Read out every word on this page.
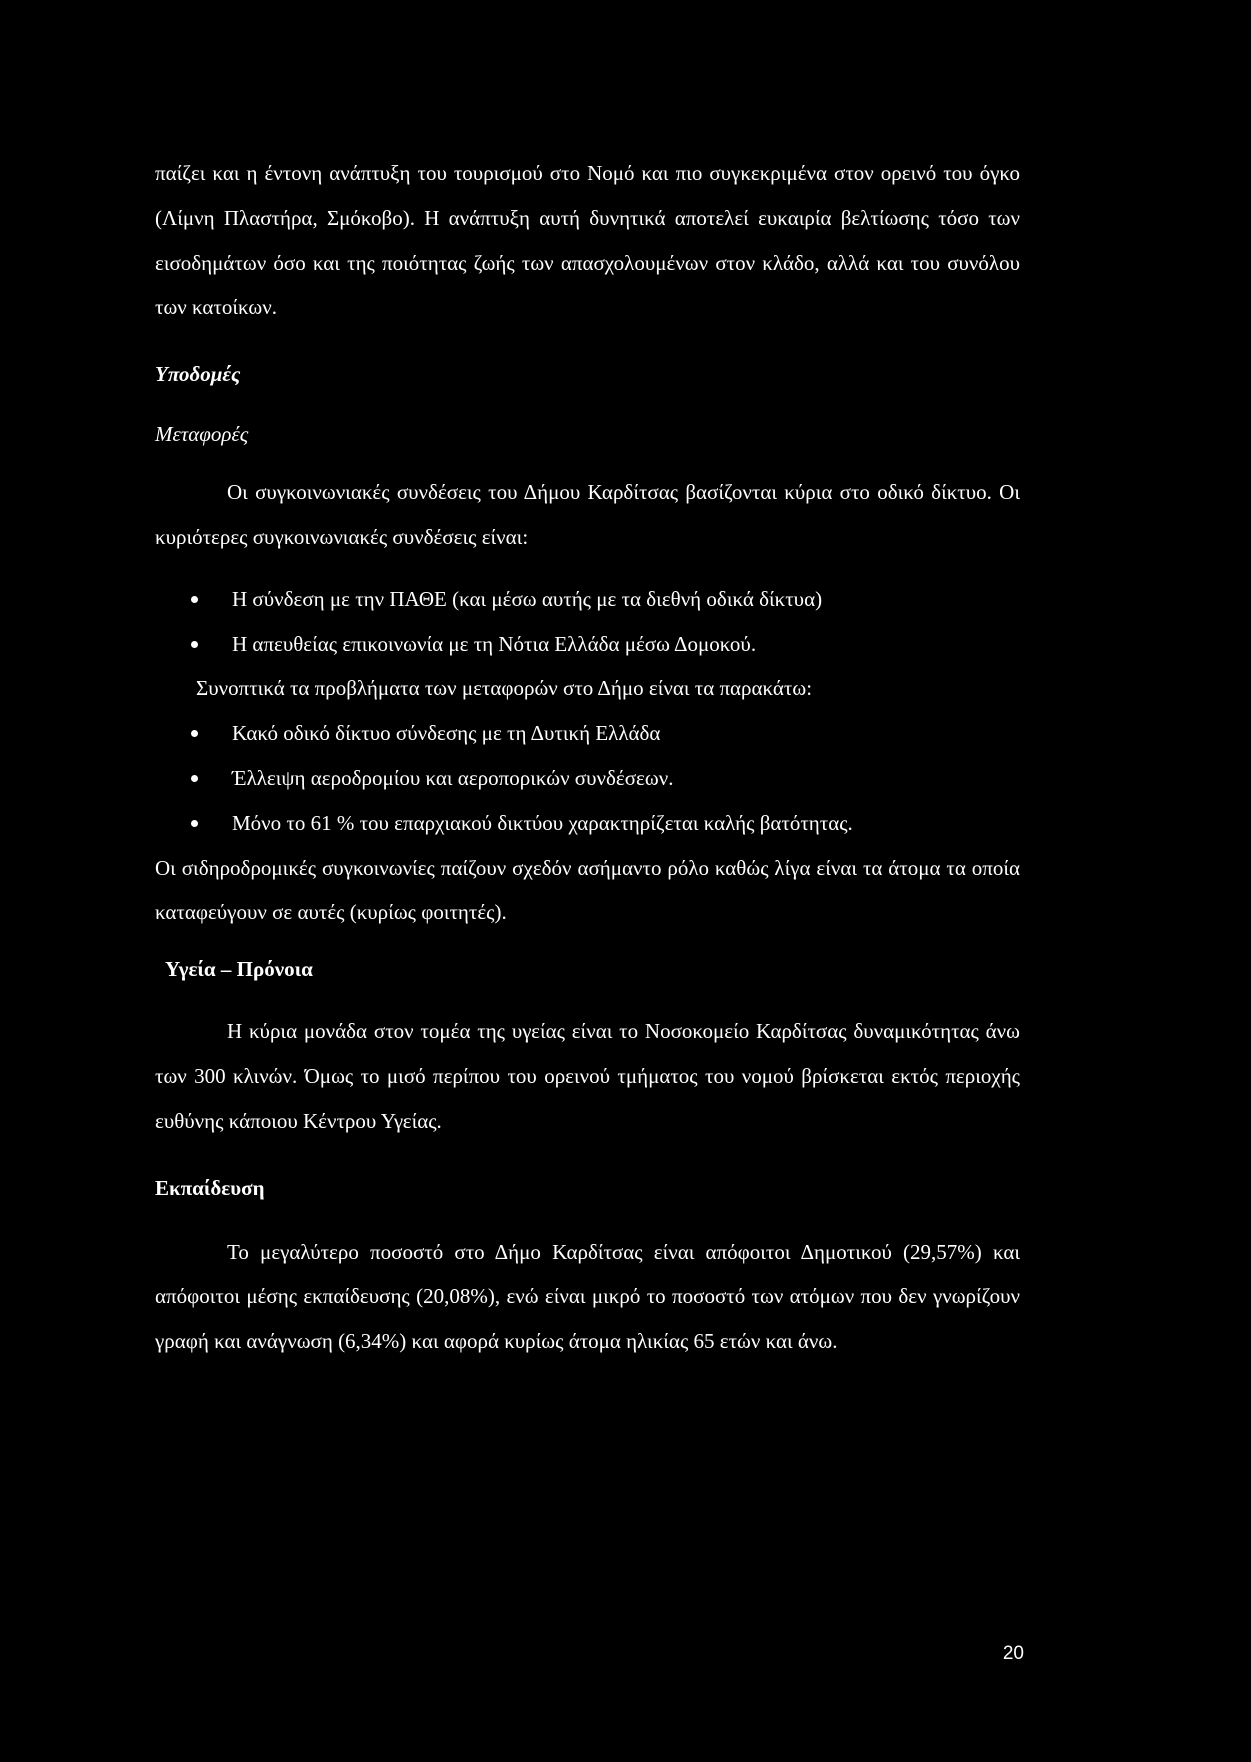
παίζει και η έντονη ανάπτυξη του τουρισμού στο Νομό και πιο συγκεκριμένα στον ορεινό του όγκο (Λίμνη Πλαστήρα, Σμόκοβο). Η ανάπτυξη αυτή δυνητικά αποτελεί ευκαιρία βελτίωσης τόσο των εισοδημάτων όσο και της ποιότητας ζωής των απασχολουμένων στον κλάδο, αλλά και του συνόλου των κατοίκων.

Υποδομές
Μεταφορές

Οι συγκοινωνιακές συνδέσεις του Δήμου Καρδίτσας βασίζονται κύρια στο οδικό δίκτυο. Οι κυριότερες συγκοινωνιακές συνδέσεις είναι:

Η σύνδεση με την ΠΑΘΕ (και μέσω αυτής με τα διεθνή οδικά δίκτυα)
Η απευθείας επικοινωνία με τη Νότια Ελλάδα μέσω Δομοκού.

Συνοπτικά τα προβλήματα των μεταφορών στο Δήμο είναι τα παρακάτω:

Κακό οδικό δίκτυο σύνδεσης με τη Δυτική Ελλάδα
Έλλειψη αεροδρομίου και αεροπορικών συνδέσεων.
Μόνο το 61 % του επαρχιακού δικτύου χαρακτηρίζεται καλής βατότητας.

Οι σιδηροδρομικές συγκοινωνίες παίζουν σχεδόν ασήμαντο ρόλο καθώς λίγα είναι τα άτομα τα οποία καταφεύγουν σε αυτές (κυρίως φοιτητές).

Υγεία – Πρόνοια

Η κύρια μονάδα στον τομέα της υγείας είναι το Νοσοκομείο Καρδίτσας δυναμικότητας άνω των 300 κλινών. Όμως το μισό περίπου του ορεινού τμήματος του νομού βρίσκεται εκτός περιοχής ευθύνης κάποιου Κέντρου Υγείας.

Εκπαίδευση

Το μεγαλύτερο ποσοστό στο Δήμο Καρδίτσας είναι απόφοιτοι Δημοτικού (29,57%) και απόφοιτοι μέσης εκπαίδευσης (20,08%), ενώ είναι μικρό το ποσοστό των ατόμων που δεν γνωρίζουν γραφή και ανάγνωση (6,34%) και αφορά κυρίως άτομα ηλικίας 65 ετών και άνω.

20
